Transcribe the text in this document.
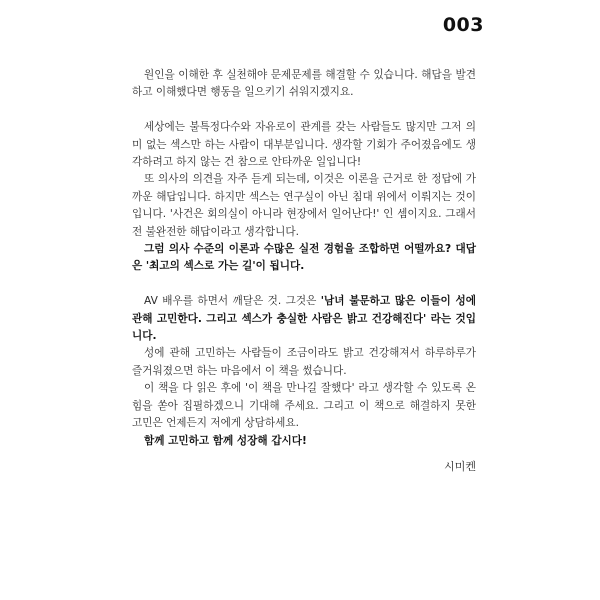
003

원인을 이해한 후 실천해야 문제문제를 해결할 수 있습니다. 해답을 발견하고 이해했다면 행동을 일으키기 쉬워지겠지요.

세상에는 불특정다수와 자유로이 관계를 갖는 사람들도 많지만 그저 의미 없는 섹스만 하는 사람이 대부분입니다. 생각할 기회가 주어졌음에도 생각하려고 하지 않는 건 참으로 안타까운 일입니다!

또 의사의 의견을 자주 듣게 되는데, 이것은 이론을 근거로 한 정답에 가까운 해답입니다. 하지만 섹스는 연구실이 아닌 침대 위에서 이뤄지는 것이입니다. '사건은 회의실이 아니라 현장에서 일어난다!' 인 셈이지요. 그래서 전 불완전한 해답이라고 생각합니다.

그럼 의사 수준의 이론과 수많은 실전 경험을 조합하면 어떨까요? 대답은 '최고의 섹스로 가는 길'이 됩니다.

AV 배우를 하면서 깨달은 것. 그것은 '남녀 불문하고 많은 이들이 성에 관해 고민한다. 그리고 섹스가 충실한 사람은 밝고 건강해진다' 라는 것입니다.

성에 관해 고민하는 사람들이 조금이라도 밝고 건강해져서 하루하루가 즐거워졌으면 하는 마음에서 이 책을 썼습니다.

이 책을 다 읽은 후에 '이 책을 만나길 잘했다' 라고 생각할 수 있도록 온 힘을 쏟아 집필하겠으니 기대해 주세요. 그리고 이 책으로 해결하지 못한 고민은 언제든지 저에게 상담하세요.

함께 고민하고 함께 성장해 갑시다!

시미켄
